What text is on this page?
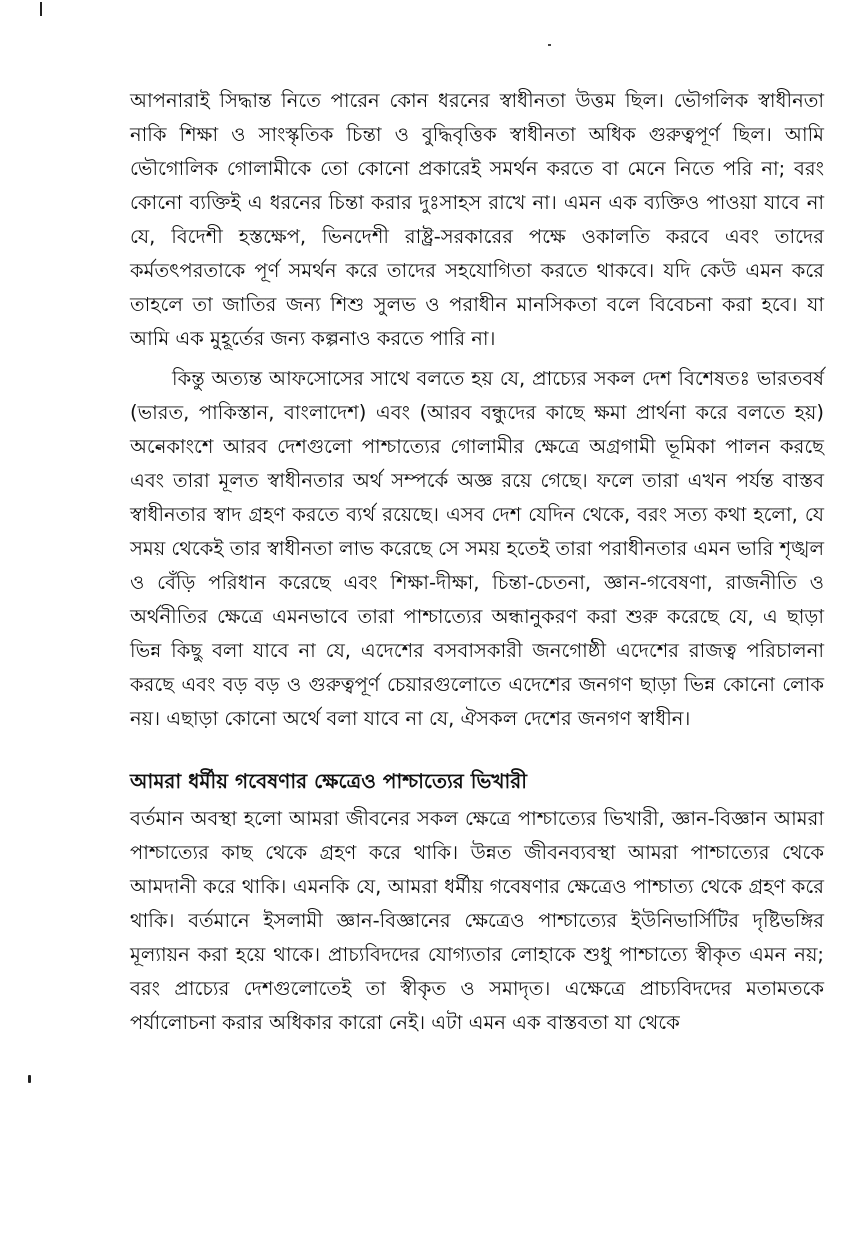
আপনারাই সিদ্ধান্ত নিতে পারেন কোন ধরনের স্বাধীনতা উত্তম ছিল। ভৌগলিক স্বাধীনতা নাকি শিক্ষা ও সাংস্কৃতিক চিন্তা ও বুদ্ধিবৃত্তিক স্বাধীনতা অধিক গুরুত্বপূর্ণ ছিল। আমি ভৌগোলিক গোলামীকে তো কোনো প্রকারেই সমর্থন করতে বা মেনে নিতে পরি না; বরং কোনো ব্যক্তিই এ ধরনের চিন্তা করার দুঃসাহস রাখে না। এমন এক ব্যক্তিও পাওয়া যাবে না যে, বিদেশী হস্তক্ষেপ, ভিনদেশী রাষ্ট্র-সরকারের পক্ষে ওকালতি করবে এবং তাদের কর্মতৎপরতাকে পূর্ণ সমর্থন করে তাদের সহযোগিতা করতে থাকবে। যদি কেউ এমন করে তাহলে তা জাতির জন্য শিশু সুলভ ও পরাধীন মানসিকতা বলে বিবেচনা করা হবে। যা আমি এক মুহূর্তের জন্য কল্পনাও করতে পারি না।

কিন্তু অত্যন্ত আফসোসের সাথে বলতে হয় যে, প্রাচ্যের সকল দেশ বিশেষতঃ ভারতবর্ষ (ভারত, পাকিস্তান, বাংলাদেশ) এবং (আরব বন্ধুদের কাছে ক্ষমা প্রার্থনা করে বলতে হয়) অনেকাংশে আরব দেশগুলো পাশ্চাত্যের গোলামীর ক্ষেত্রে অগ্রগামী ভূমিকা পালন করছে এবং তারা মূলত স্বাধীনতার অর্থ সম্পর্কে অজ্ঞ রয়ে গেছে। ফলে তারা এখন পর্যন্ত বাস্তব স্বাধীনতার স্বাদ গ্রহণ করতে ব্যর্থ রয়েছে। এসব দেশ যেদিন থেকে, বরং সত্য কথা হলো, যে সময় থেকেই তার স্বাধীনতা লাভ করেছে সে সময় হতেই তারা পরাধীনতার এমন ভারি শৃঙ্খল ও বেঁড়ি পরিধান করেছে এবং শিক্ষা-দীক্ষা, চিন্তা-চেতনা, জ্ঞান-গবেষণা, রাজনীতি ও অর্থনীতির ক্ষেত্রে এমনভাবে তারা পাশ্চাত্যের অন্ধানুকরণ করা শুরু করেছে যে, এ ছাড়া ভিন্ন কিছু বলা যাবে না যে, এদেশের বসবাসকারী জনগোষ্ঠী এদেশের রাজত্ব পরিচালনা করছে এবং বড় বড় ও গুরুত্বপূর্ণ চেয়ারগুলোতে এদেশের জনগণ ছাড়া ভিন্ন কোনো লোক নয়। এছাড়া কোনো অর্থে বলা যাবে না যে, ঐসকল দেশের জনগণ স্বাধীন।

আমরা ধর্মীয় গবেষণার ক্ষেত্রেও পাশ্চাত্যের ভিখারী

বর্তমান অবস্থা হলো আমরা জীবনের সকল ক্ষেত্রে পাশ্চাত্যের ভিখারী, জ্ঞান-বিজ্ঞান আমরা পাশ্চাত্যের কাছ থেকে গ্রহণ করে থাকি। উন্নত জীবনব্যবস্থা আমরা পাশ্চাত্যের থেকে আমদানী করে থাকি। এমনকি যে, আমরা ধর্মীয় গবেষণার ক্ষেত্রেও পাশ্চাত্য থেকে গ্রহণ করে থাকি। বর্তমানে ইসলামী জ্ঞান-বিজ্ঞানের ক্ষেত্রেও পাশ্চাত্যের ইউনিভার্সিটির দৃষ্টিভঙ্গির মূল্যায়ন করা হয়ে থাকে। প্রাচ্যবিদদের যোগ্যতার লোহাকে শুধু পাশ্চাত্যে স্বীকৃত এমন নয়; বরং প্রাচ্যের দেশগুলোতেই তা স্বীকৃত ও সমাদৃত। এক্ষেত্রে প্রাচ্যবিদদের মতামতকে পর্যালোচনা করার অধিকার কারো নেই। এটা এমন এক বাস্তবতা যা থেকে
